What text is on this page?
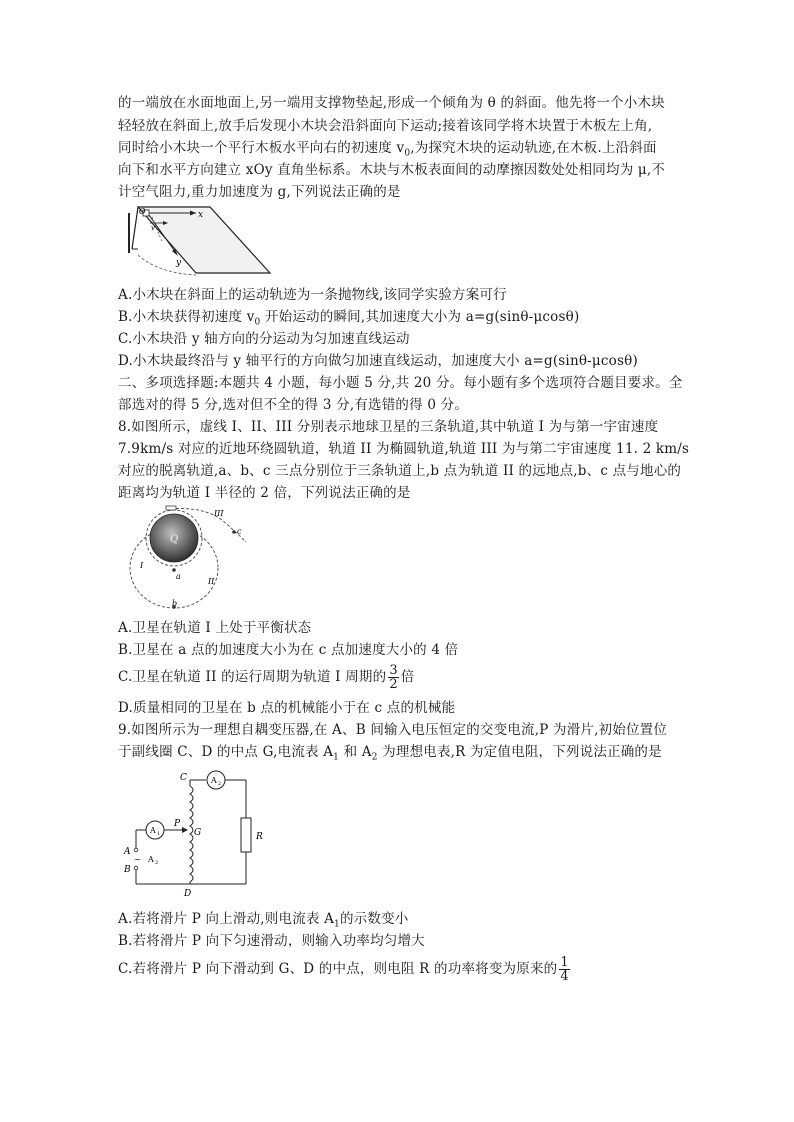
的一端放在水面地面上,另一端用支撑物垫起,形成一个倾角为 θ 的斜面。他先将一个小木块
轻轻放在斜面上,放手后发现小木块会沿斜面向下运动;接着该同学将木块置于木板左上角,
同时给小木块一个平行木板水平向右的初速度 $v_0$,为探究木块的运动轨迹,在木板.上沿斜面
向下和水平方向建立 xOy 直角坐标系。木块与木板表面间的动摩擦因数处处相同均为 μ,不
计空气阻力,重力加速度为 g,下列说法正确的是
O
v
x
y
A.小木块在斜面上的运动轨迹为一条抛物线,该同学实验方案可行
B.小木块获得初速度 $v_0$ 开始运动的瞬间,其加速度大小为 a=g(sinθ-μcosθ)
C.小木块沿 y 轴方向的分运动为匀加速直线运动
D.小木块最终沿与 y 轴平行的方向做匀加速直线运动，加速度大小 a=g(sinθ-μcosθ)
二、多项选择题:本题共 4 小题，每小题 5 分,共 20 分。每小题有多个选项符合题目要求。全
部选对的得 5 分,选对但不全的得 3 分,有选错的得 0 分。
8.如图所示，虚线 I、II、III 分别表示地球卫星的三条轨道,其中轨道 I 为与第一宇宙速度
7.9km/s 对应的近地环绕圆轨道，轨道 II 为椭圆轨道,轨道 III 为与第二宇宙速度 11. 2 km/s
对应的脱离轨道,a、b、c 三点分别位于三条轨道上,b 点为轨道 II 的远地点,b、c 点与地心的
距离均为轨道 I 半径的 2 倍，下列说法正确的是
Q
III
II
I
a
b
c
A.卫星在轨道 I 上处于平衡状态
B.卫星在 a 点的加速度大小为在 c 点加速度大小的 4 倍
C.卫星在轨道 II 的运行周期为轨道 I 周期的 $\frac{3}{2}$ 倍
D.质量相同的卫星在 b 点的机械能小于在 c 点的机械能
9.如图所示为一理想自耦变压器,在 A、B 间输入电压恒定的交变电流,P 为滑片,初始位置位
于副线圈 C、D 的中点 G,电流表 $A_1$ 和 $A_2$ 为理想电表,R 为定值电阻，下列说法正确的是
~
C
D
P
G
A
B
R
A 2
A 1
A 2
A.若将滑片 P 向上滑动,则电流表 $A_1$的示数变小
B.若将滑片 P 向下匀速滑动，则输入功率均匀增大
C.若将滑片 P 向下滑动到 G、D 的中点，则电阻 R 的功率将变为原来的 $\frac{1}{4}$
